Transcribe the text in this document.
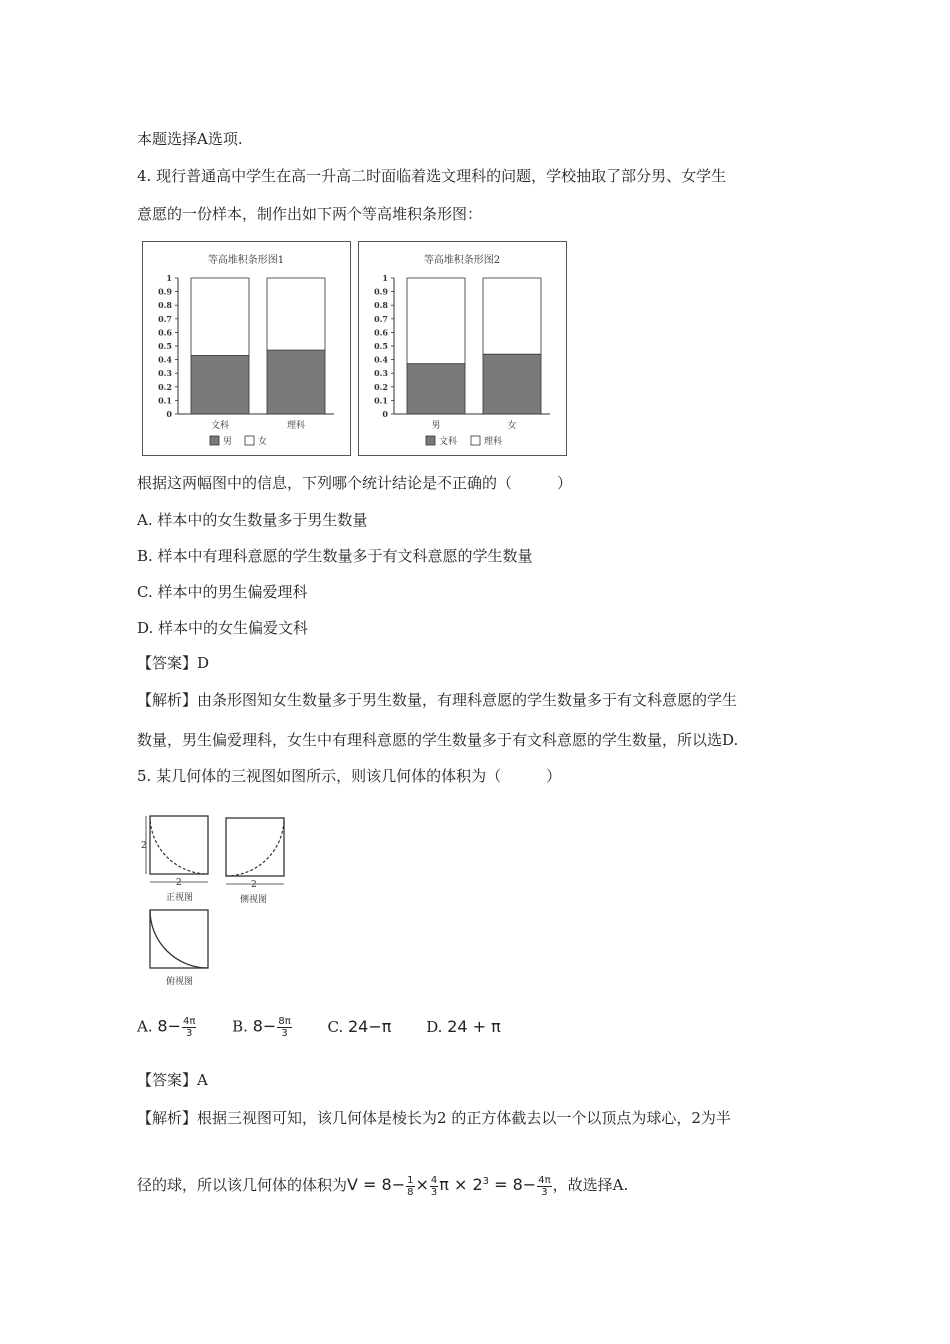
本题选择A选项.
4. 现行普通高中学生在高一升高二时面临着选文理科的问题，学校抽取了部分男、女学生
意愿的一份样本，制作出如下两个等高堆积条形图：
等高堆积条形图1
0
0.1
0.2
0.3
0.4
0.5
0.6
0.7
0.8
0.9
1
文科	理科
男	女
等高堆积条形图2
0
0.1
0.2
0.3
0.4
0.5
0.6
0.7
0.8
0.9
1
男	女
文科	理科
根据这两幅图中的信息，下列哪个统计结论是不正确的（　　　）
A. 样本中的女生数量多于男生数量
B. 样本中有理科意愿的学生数量多于有文科意愿的学生数量
C. 样本中的男生偏爱理科
D. 样本中的女生偏爱文科
【答案】D
【解析】由条形图知女生数量多于男生数量，有理科意愿的学生数量多于有文科意愿的学生
数量，男生偏爱理科，女生中有理科意愿的学生数量多于有文科意愿的学生数量，所以选D.
5. 某几何体的三视图如图所示，则该几何体的体积为（　　　）
2
2
正视图
2
侧视图
俯视图
A. $8- \frac{4\pi}{3} B$. $8- \frac{8\pi}{3} C$. 24−π D. 24 + π
【答案】A
【解析】根据三视图可知，该几何体是棱长为2 的正方体截去以一个以顶点为球心，2为半
径的球，所以该几何体的体积为$V = 8- \frac{1}{8} \times \frac{4}{3}$ $\pi \times 2^3 = 8- \frac{4\pi}{3}$ ，故选择A.
